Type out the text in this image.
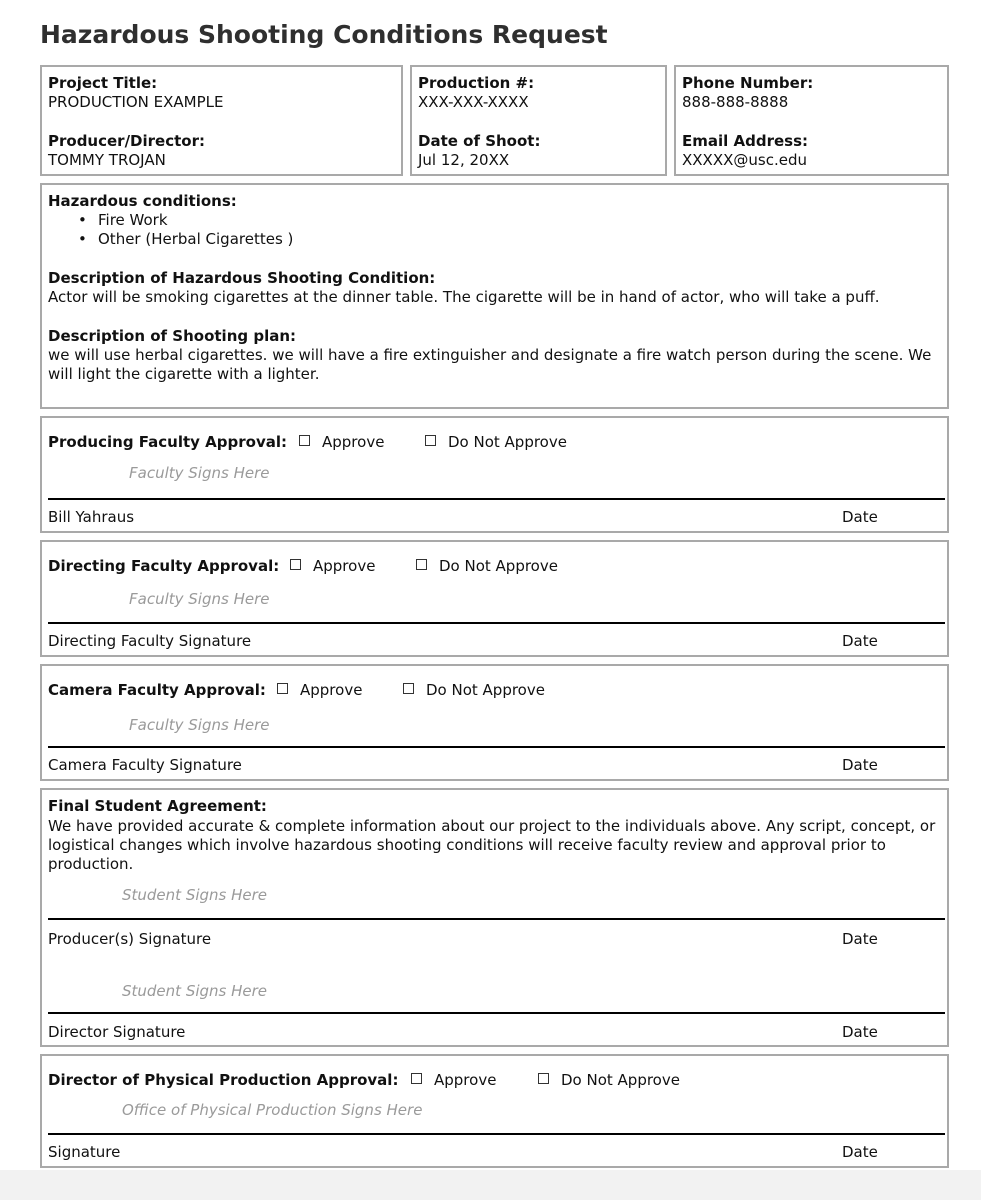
Hazardous Shooting Conditions Request
Project Title:
PRODUCTION EXAMPLE
Producer/Director:
TOMMY TROJAN
Production #:
XXX-XXX-XXXX
Date of Shoot:
Jul 12, 20XX
Phone Number:
888-888-8888
Email Address:
XXXXX@usc.edu
Hazardous conditions:
• Fire Work
• Other (Herbal Cigarettes )
Description of Hazardous Shooting Condition:
Actor will be smoking cigarettes at the dinner table. The cigarette will be in hand of actor, who will take a puff.
Description of Shooting plan:
we will use herbal cigarettes. we will have a fire extinguisher and designate a fire watch person during the scene. We will light the cigarette with a lighter.
Producing Faculty Approval:	Approve	Do Not Approve
Faculty Signs Here
Bill Yahraus	Date
Directing Faculty Approval:	Approve	Do Not Approve
Faculty Signs Here
Directing Faculty Signature	Date
Camera Faculty Approval:	Approve	Do Not Approve
Faculty Signs Here
Camera Faculty Signature	Date
Final Student Agreement:
We have provided accurate & complete information about our project to the individuals above. Any script, concept, or logistical changes which involve hazardous shooting conditions will receive faculty review and approval prior to production.
Student Signs Here
Producer(s) Signature	Date
Student Signs Here
Director Signature	Date
Director of Physical Production Approval:	Approve	Do Not Approve
Office of Physical Production Signs Here
Signature	Date
